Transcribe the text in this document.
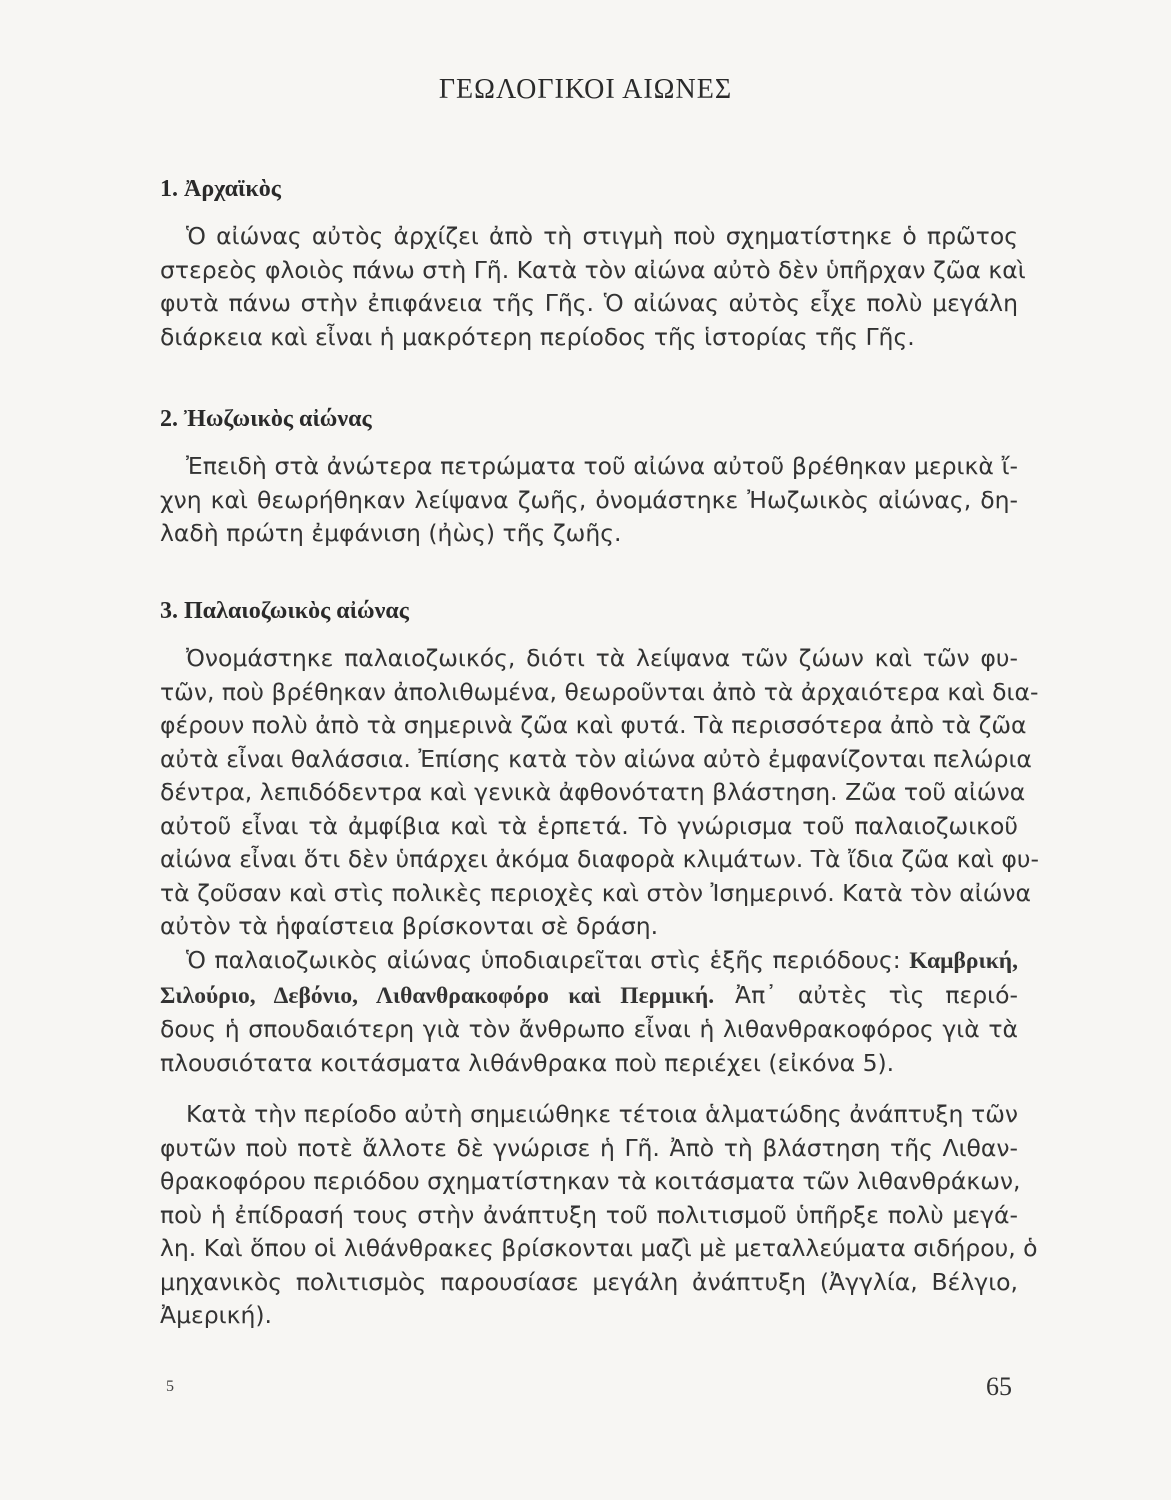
ΓΕΩΛΟΓΙΚΟΙ ΑΙΩΝΕΣ
1. Ἀρχαϊκὸς
Ὁ αἰώνας αὐτὸς ἀρχίζει ἀπὸ τὴ στιγμὴ ποὺ σχηματίστηκε ὁ πρῶτος
στερεὸς φλοιὸς πάνω στὴ Γῆ. Κατὰ τὸν αἰώνα αὐτὸ δὲν ὑπῆρχαν ζῶα καὶ
φυτὰ πάνω στὴν ἐπιφάνεια τῆς Γῆς. Ὁ αἰώνας αὐτὸς εἶχε πολὺ μεγάλη
διάρκεια καὶ εἶναι ἡ μακρότερη περίοδος τῆς ἱστορίας τῆς Γῆς.
2. Ἠωζωικὸς αἰώνας
Ἐπειδὴ στὰ ἀνώτερα πετρώματα τοῦ αἰώνα αὐτοῦ βρέθηκαν μερικὰ ἴ-
χνη καὶ θεωρήθηκαν λείψανα ζωῆς, ὀνομάστηκε Ἠωζωικὸς αἰώνας, δη-
λαδὴ πρώτη ἐμφάνιση (ἠὼς) τῆς ζωῆς.
3. Παλαιοζωικὸς αἰώνας
Ὀνομάστηκε παλαιοζωικός, διότι τὰ λείψανα τῶν ζώων καὶ τῶν φυ-
τῶν, ποὺ βρέθηκαν ἀπολιθωμένα, θεωροῦνται ἀπὸ τὰ ἀρχαιότερα καὶ δια-
φέρουν πολὺ ἀπὸ τὰ σημερινὰ ζῶα καὶ φυτά. Τὰ περισσότερα ἀπὸ τὰ ζῶα
αὐτὰ εἶναι θαλάσσια. Ἐπίσης κατὰ τὸν αἰώνα αὐτὸ ἐμφανίζονται πελώρια
δέντρα, λεπιδόδεντρα καὶ γενικὰ ἀφθονότατη βλάστηση. Ζῶα τοῦ αἰώνα
αὐτοῦ εἶναι τὰ ἀμφίβια καὶ τὰ ἑρπετά. Τὸ γνώρισμα τοῦ παλαιοζωικοῦ
αἰώνα εἶναι ὅτι δὲν ὑπάρχει ἀκόμα διαφορὰ κλιμάτων. Τὰ ἴδια ζῶα καὶ φυ-
τὰ ζοῦσαν καὶ στὶς πολικὲς περιοχὲς καὶ στὸν Ἰσημερινό. Κατὰ τὸν αἰώνα
αὐτὸν τὰ ἡφαίστεια βρίσκονται σὲ δράση.
Ὁ παλαιοζωικὸς αἰώνας ὑποδιαιρεῖται στὶς ἑξῆς περιόδους: Καμβρική,
Σιλούριο, Δεβόνιο, Λιθανθρακοφόρο καὶ Περμική. Ἀπ᾽ αὐτὲς τὶς περιό-
δους ἡ σπουδαιότερη γιὰ τὸν ἄνθρωπο εἶναι ἡ λιθανθρακοφόρος γιὰ τὰ
πλουσιότατα κοιτάσματα λιθάνθρακα ποὺ περιέχει (εἰκόνα 5).
Κατὰ τὴν περίοδο αὐτὴ σημειώθηκε τέτοια ἁλματώδης ἀνάπτυξη τῶν
φυτῶν ποὺ ποτὲ ἄλλοτε δὲ γνώρισε ἡ Γῆ. Ἀπὸ τὴ βλάστηση τῆς Λιθαν-
θρακοφόρου περιόδου σχηματίστηκαν τὰ κοιτάσματα τῶν λιθανθράκων,
ποὺ ἡ ἐπίδρασή τους στὴν ἀνάπτυξη τοῦ πολιτισμοῦ ὑπῆρξε πολὺ μεγά-
λη. Καὶ ὅπου οἱ λιθάνθρακες βρίσκονται μαζὶ μὲ μεταλλεύματα σιδήρου, ὁ
μηχανικὸς πολιτισμὸς παρουσίασε μεγάλη ἀνάπτυξη (Ἀγγλία, Βέλγιο,
Ἀμερική).
5	65
